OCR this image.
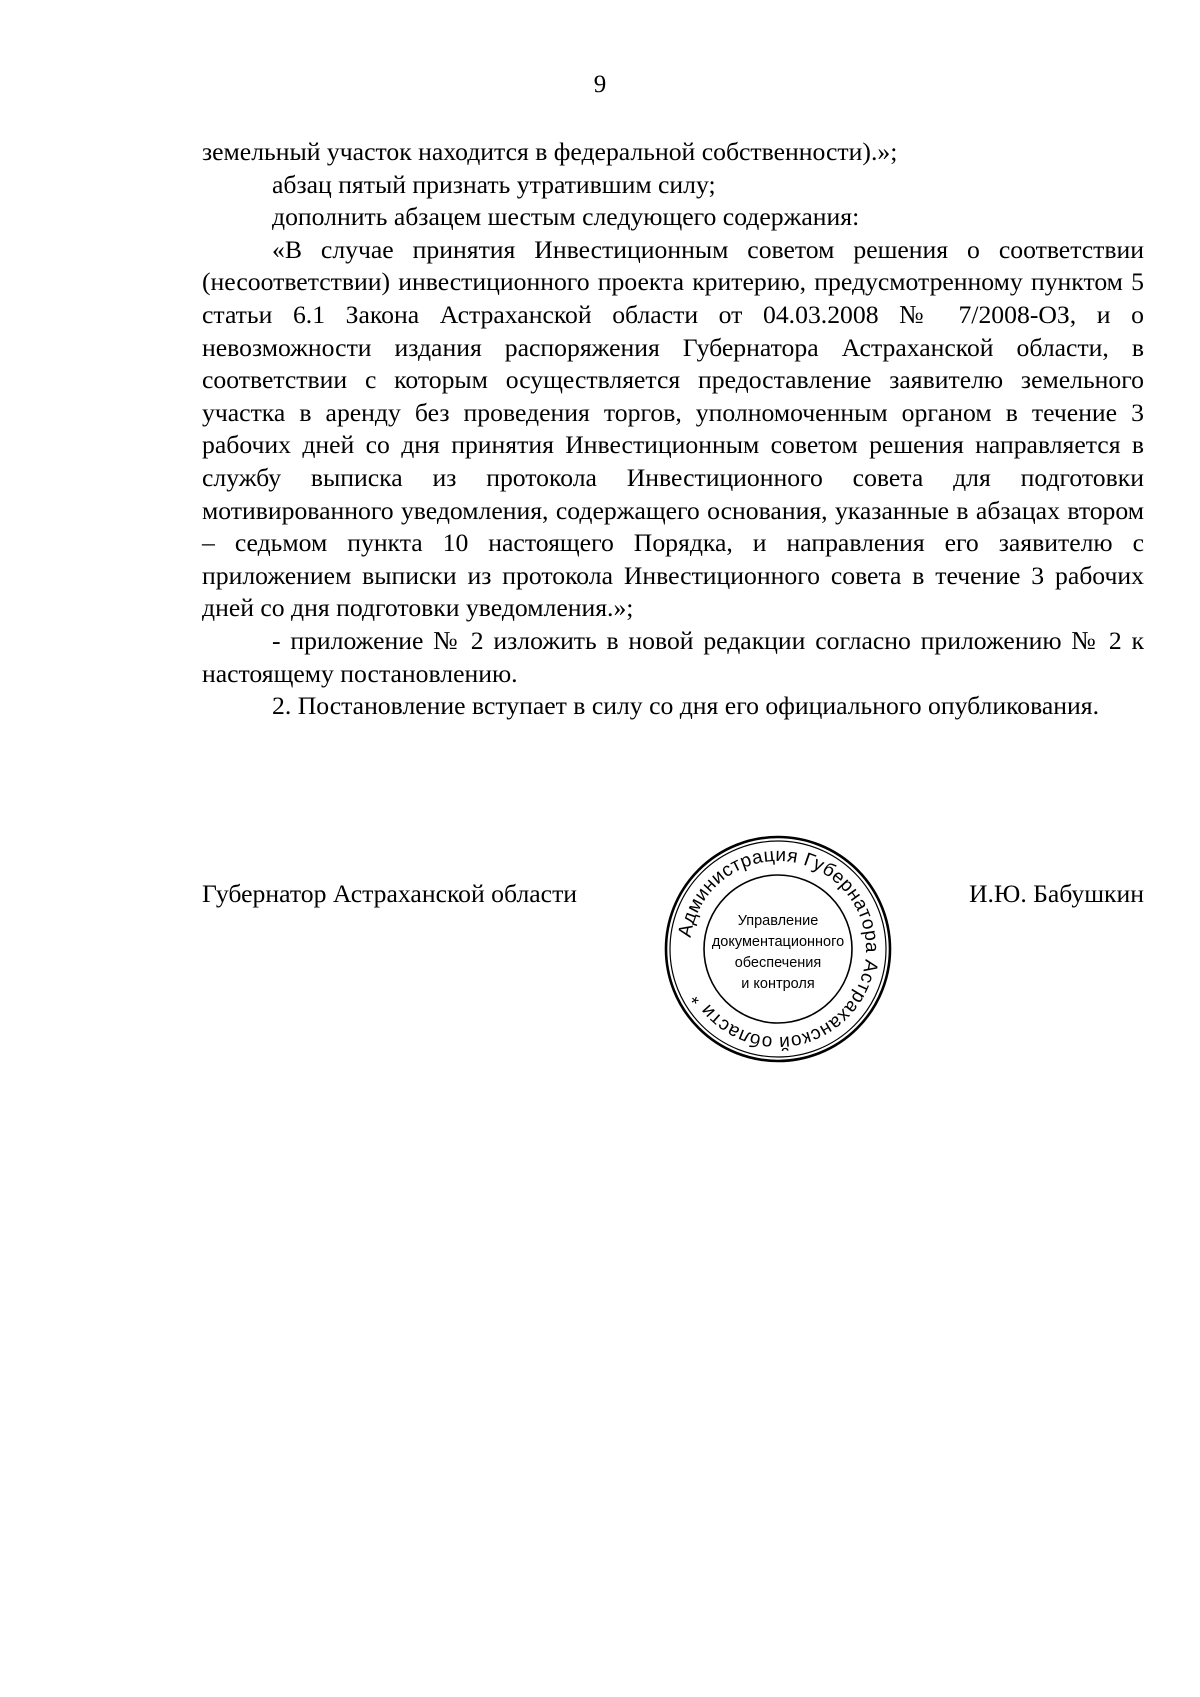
9

земельный участок находится в федеральной собственности).»;

абзац пятый признать утратившим силу;

дополнить абзацем шестым следующего содержания:

«В случае принятия Инвестиционным советом решения о соответствии (несоответствии) инвестиционного проекта критерию, предусмотренному пунктом 5 статьи 6.1 Закона Астраханской области от 04.03.2008 № 7/2008-ОЗ, и о невозможности издания распоряжения Губернатора Астраханской области, в соответствии с которым осуществляется предоставление заявителю земельного участка в аренду без проведения торгов, уполномоченным органом в течение 3 рабочих дней со дня принятия Инвестиционным советом решения направляется в службу выписка из протокола Инвестиционного совета для подготовки мотивированного уведомления, содержащего основания, указанные в абзацах втором – седьмом пункта 10 настоящего Порядка, и направления его заявителю с приложением выписки из протокола Инвестиционного совета в течение 3 рабочих дней со дня подготовки уведомления.»;

- приложение № 2 изложить в новой редакции согласно приложению № 2 к настоящему постановлению.

2. Постановление вступает в силу со дня его официального опубликования.

Губернатор Астраханской области	И.Ю. Бабушкин
Администрация Губернатора Астраханской области *
Управление
документационного
обеспечения
и контроля
